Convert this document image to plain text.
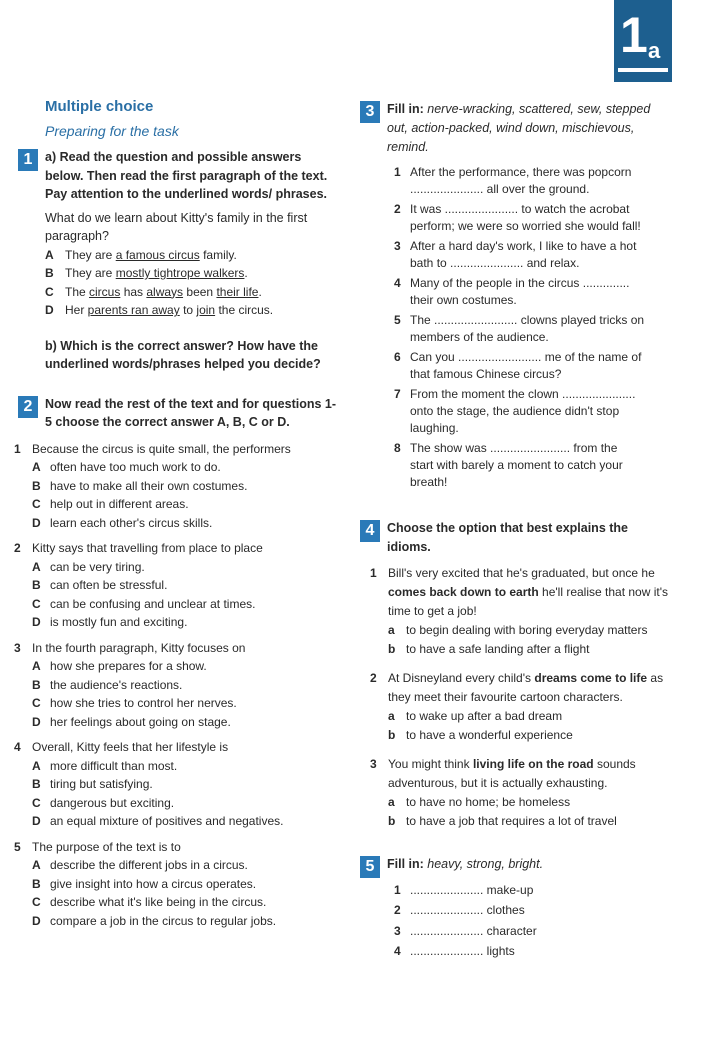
1 a
Multiple choice
Preparing for the task
1	a) Read the question and possible answers below. Then read the first paragraph of the text. Pay attention to the underlined words/ phrases.
What do we learn about Kitty's family in the first paragraph?
A They are a famous circus family.
B They are mostly tightrope walkers.
C The circus has always been their life.
D Her parents ran away to join the circus.
b) Which is the correct answer? How have the underlined words/phrases helped you decide?
2	Now read the rest of the text and for questions 1-5 choose the correct answer A, B, C or D.
1 Because the circus is quite small, the performers
A often have too much work to do.
B have to make all their own costumes.
C help out in different areas.
D learn each other's circus skills.
2 Kitty says that travelling from place to place
A can be very tiring.
B can often be stressful.
C can be confusing and unclear at times.
D is mostly fun and exciting.
3 In the fourth paragraph, Kitty focuses on
A how she prepares for a show.
B the audience's reactions.
C how she tries to control her nerves.
D her feelings about going on stage.
4 Overall, Kitty feels that her lifestyle is
A more difficult than most.
B tiring but satisfying.
C dangerous but exciting.
D an equal mixture of positives and negatives.
5 The purpose of the text is to
A describe the different jobs in a circus.
B give insight into how a circus operates.
C describe what it's like being in the circus.
D compare a job in the circus to regular jobs.
3	Fill in: nerve-wracking, scattered, sew, stepped out, action-packed, wind down, mischievous, remind.
1 After the performance, there was popcorn
...................... all over the ground.
2 It was ...................... to watch the acrobat
perform; we were so worried she would fall!
3 After a hard day's work, I like to have a hot
bath to ...................... and relax.
4 Many of the people in the circus ..............
their own costumes.
5 The ......................... clowns played tricks on
members of the audience.
6 Can you ......................... me of the name of
that famous Chinese circus?
7 From the moment the clown ......................
onto the stage, the audience didn't stop
laughing.
8 The show was ........................ from the
start with barely a moment to catch your
breath!
4	Choose the option that best explains the idioms.
1 Bill's very excited that he's graduated, but once he comes back down to earth he'll realise that now it's time to get a job!
a to begin dealing with boring everyday matters
b to have a safe landing after a flight
2 At Disneyland every child's dreams come to life as they meet their favourite cartoon characters.
a to wake up after a bad dream
b to have a wonderful experience
3 You might think living life on the road sounds adventurous, but it is actually exhausting.
a to have no home; be homeless
b to have a job that requires a lot of travel
5	Fill in: heavy, strong, bright.
1 ...................... make-up
2 ...................... clothes
3 ...................... character
4 ...................... lights
